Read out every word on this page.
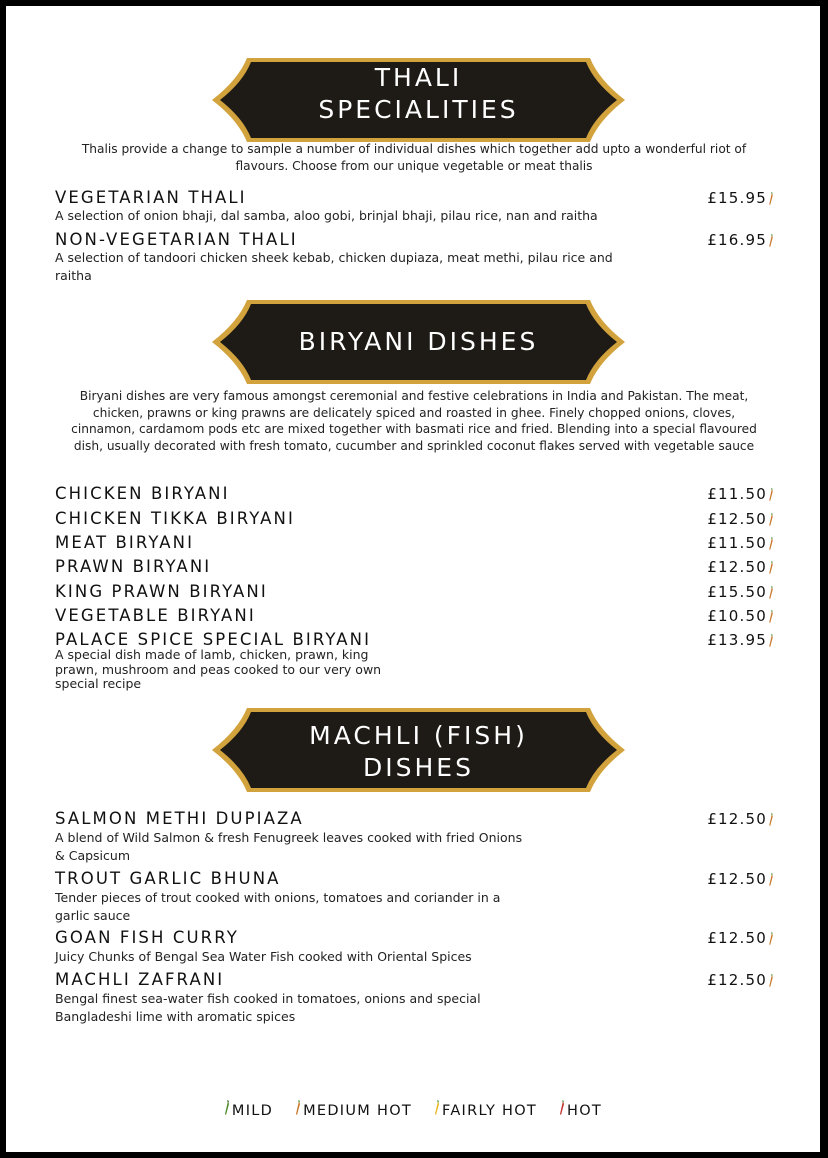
THALI
SPECIALITIES
Thalis provide a change to sample a number of individual dishes which together add upto a wonderful riot of flavours. Choose from our unique vegetable or meat thalis
VEGETARIAN THALI	£15.95
A selection of onion bhaji, dal samba, aloo gobi, brinjal bhaji, pilau rice, nan and raitha
NON-VEGETARIAN THALI	£16.95
A selection of tandoori chicken sheek kebab, chicken dupiaza, meat methi, pilau rice and raitha
BIRYANI DISHES
Biryani dishes are very famous amongst ceremonial and festive celebrations in India and Pakistan. The meat, chicken, prawns or king prawns are delicately spiced and roasted in ghee. Finely chopped onions, cloves, cinnamon, cardamom pods etc are mixed together with basmati rice and fried. Blending into a special flavoured dish, usually decorated with fresh tomato, cucumber and sprinkled coconut flakes served with vegetable sauce
CHICKEN BIRYANI	£11.50
CHICKEN TIKKA BIRYANI	£12.50
MEAT BIRYANI	£11.50
PRAWN BIRYANI	£12.50
KING PRAWN BIRYANI	£15.50
VEGETABLE BIRYANI	£10.50
PALACE SPICE SPECIAL BIRYANI	£13.95
A special dish made of lamb, chicken, prawn, king prawn, mushroom and peas cooked to our very own special recipe
MACHLI (FISH)
DISHES
SALMON METHI DUPIAZA	£12.50
A blend of Wild Salmon & fresh Fenugreek leaves cooked with fried Onions & Capsicum
TROUT GARLIC BHUNA	£12.50
Tender pieces of trout cooked with onions, tomatoes and coriander in a garlic sauce
GOAN FISH CURRY	£12.50
Juicy Chunks of Bengal Sea Water Fish cooked with Oriental Spices
MACHLI ZAFRANI	£12.50
Bengal finest sea-water fish cooked in tomatoes, onions and special Bangladeshi lime with aromatic spices
MILD MEDIUM HOT FAIRLY HOT HOT
